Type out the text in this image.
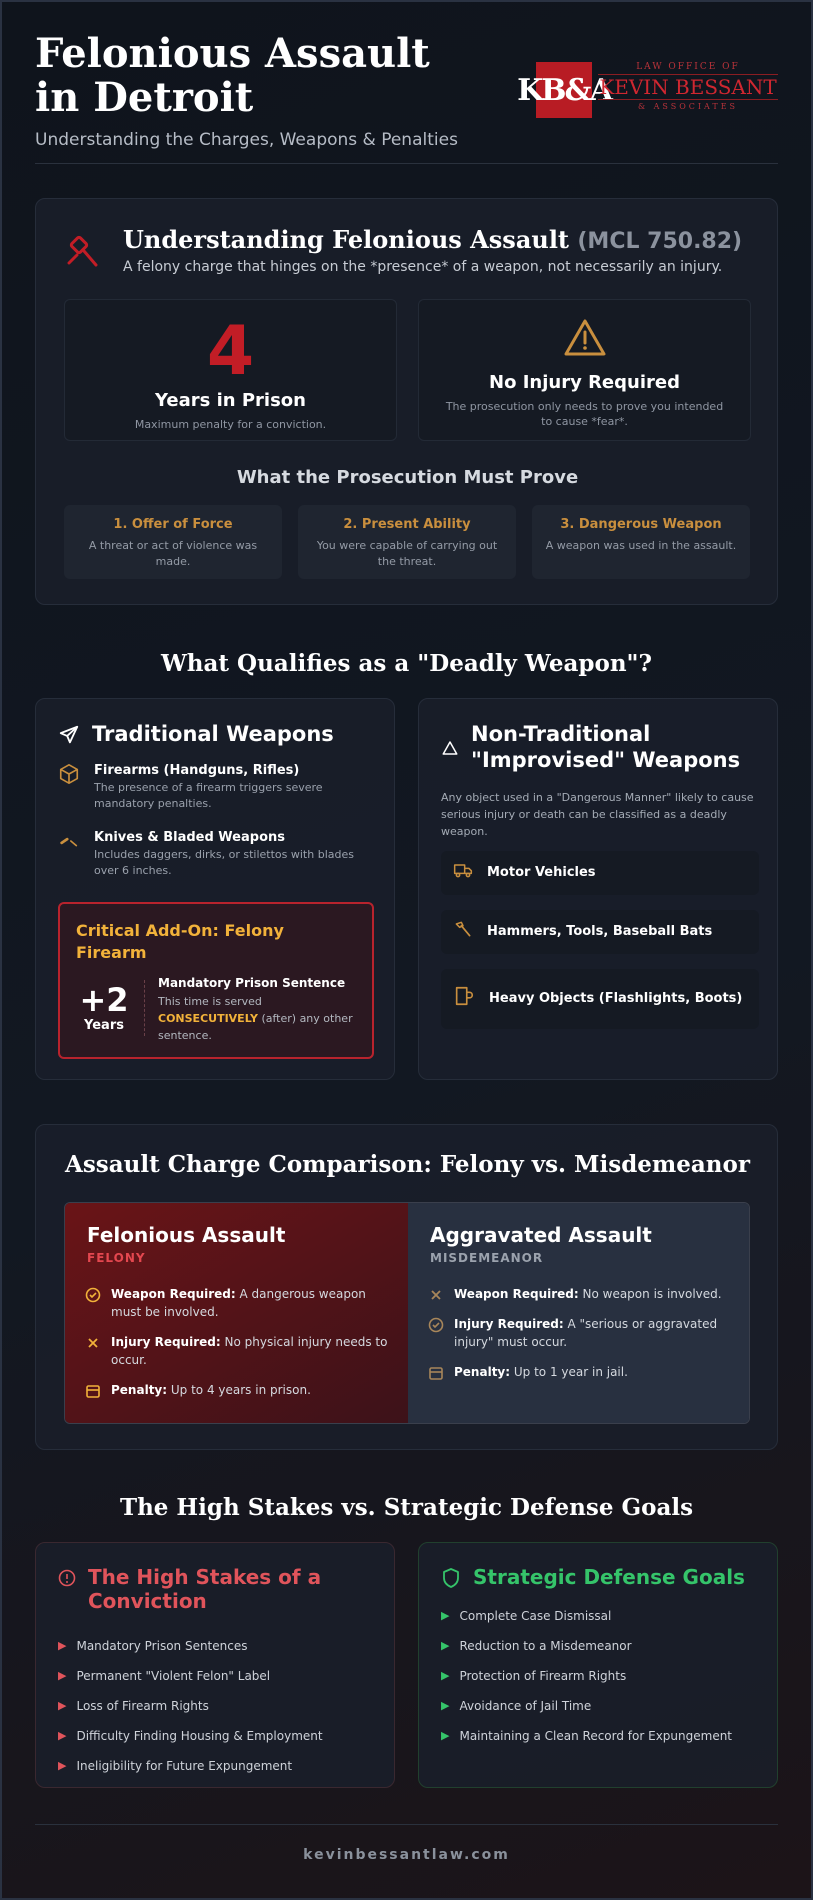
Felonious Assault in Detroit
Understanding the Charges, Weapons & Penalties
KB&A
LAW OFFICE OF
KEVIN BESSANT
& ASSOCIATES
Understanding Felonious Assault (MCL 750.82)

A felony charge that hinges on the *presence* of a weapon, not necessarily an injury.

4
Years in Prison

Maximum penalty for a conviction.

No Injury Required

The prosecution only needs to prove you intended to cause *fear*.

What the Prosecution Must Prove
1. Offer of Force

A threat or act of violence was made.

2. Present Ability

You were capable of carrying out the threat.

3. Dangerous Weapon

A weapon was used in the assault.

What Qualifies as a "Deadly Weapon"?
Traditional Weapons
Firearms (Handguns, Rifles)

The presence of a firearm triggers severe mandatory penalties.

Knives & Bladed Weapons

Includes daggers, dirks, or stilettos with blades over 6 inches.

Critical Add-On: Felony Firearm
+2
Years
Mandatory Prison Sentence

This time is served CONSECUTIVELY (after) any other sentence.

Non-Traditional "Improvised" Weapons

Any object used in a "Dangerous Manner" likely to cause serious injury or death can be classified as a deadly weapon.

Motor Vehicles
Hammers, Tools, Baseball Bats
Heavy Objects (Flashlights, Boots)
Assault Charge Comparison: Felony vs. Misdemeanor
Felonious Assault
FELONY
Weapon Required: A dangerous weapon must be involved.
Injury Required: No physical injury needs to occur.
Penalty: Up to 4 years in prison.
Aggravated Assault
MISDEMEANOR
Weapon Required: No weapon is involved.
Injury Required: A "serious or aggravated injury" must occur.
Penalty: Up to 1 year in jail.
The High Stakes vs. Strategic Defense Goals
The High Stakes of a Conviction
▶ Mandatory Prison Sentences
▶ Permanent "Violent Felon" Label
▶ Loss of Firearm Rights
▶ Difficulty Finding Housing & Employment
▶ Ineligibility for Future Expungement
Strategic Defense Goals
▶ Complete Case Dismissal
▶ Reduction to a Misdemeanor
▶ Protection of Firearm Rights
▶ Avoidance of Jail Time
▶ Maintaining a Clean Record for Expungement
kevinbessantlaw.com
